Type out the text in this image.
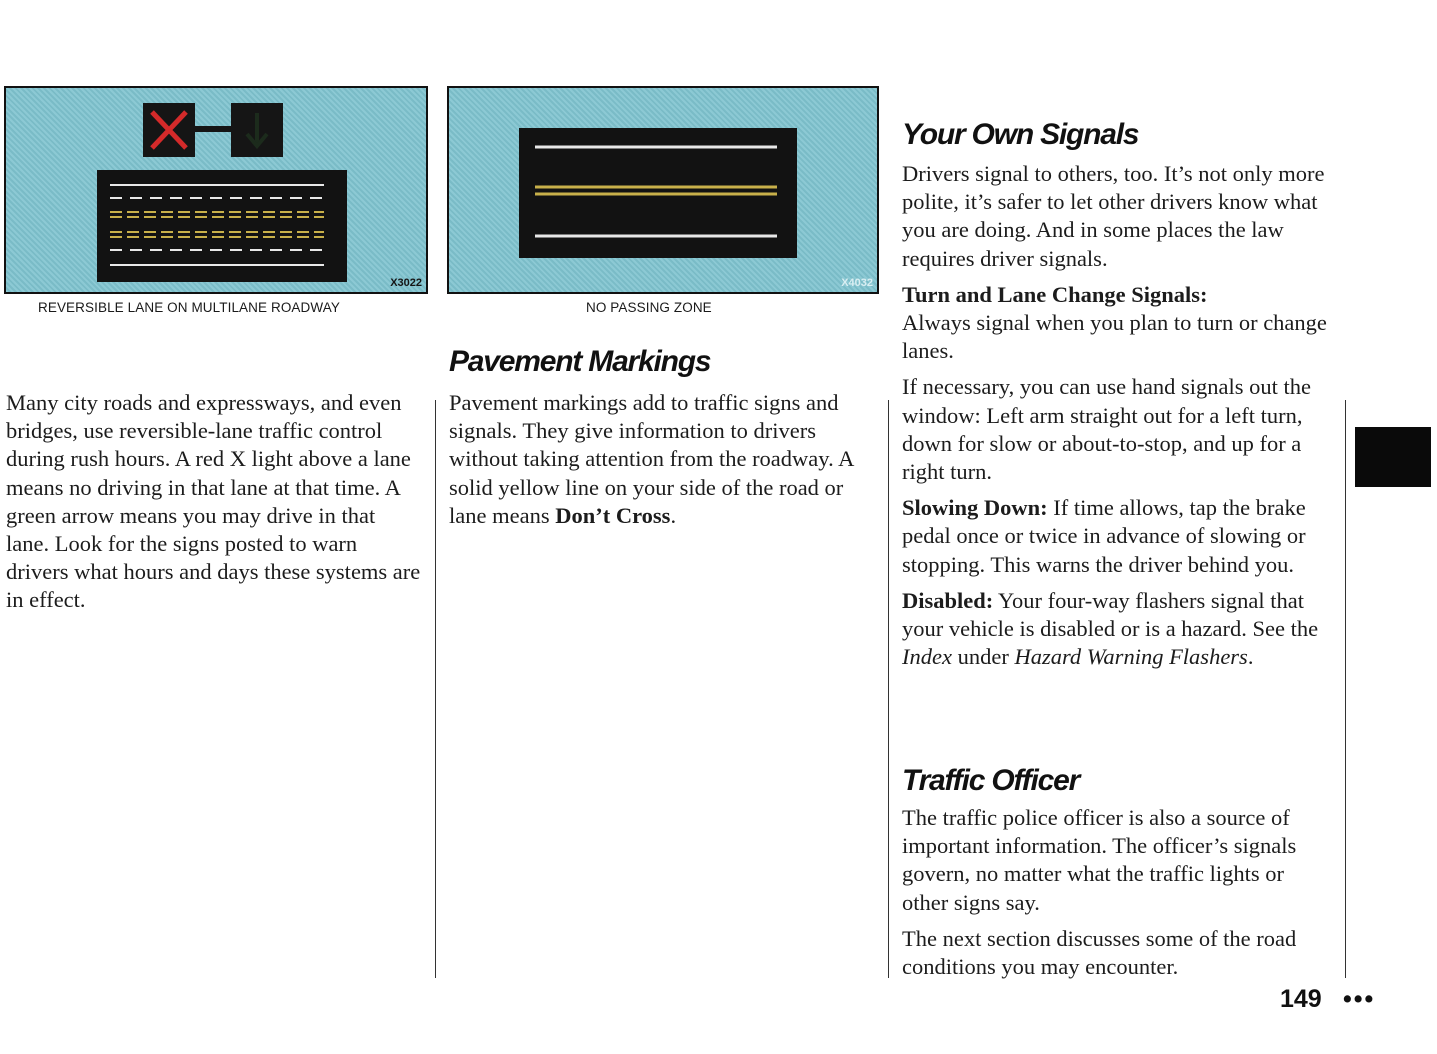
X3022
REVERSIBLE LANE ON MULTILANE ROADWAY
X4032
NO PASSING ZONE

Many city roads and expressways, and even bridges, use reversible-lane traffic control during rush hours. A red X light above a lane means no driving in that lane at that time. A green arrow means you may drive in that lane. Look for the signs posted to warn drivers what hours and days these systems are in effect.

Pavement Markings

Pavement markings add to traffic signs and signals. They give information to drivers without taking attention from the roadway. A solid yellow line on your side of the road or lane means Don’t Cross.

Your Own Signals

Drivers signal to others, too. It’s not only more polite, it’s safer to let other drivers know what you are doing. And in some places the law requires driver signals.

Turn and Lane Change Signals:
Always signal when you plan to turn or change lanes.

If necessary, you can use hand signals out the window: Left arm straight out for a left turn, down for slow or about-to-stop, and up for a right turn.

Slowing Down: If time allows, tap the brake pedal once or twice in advance of slowing or stopping. This warns the driver behind you.

Disabled: Your four-way flashers signal that your vehicle is disabled or is a hazard. See the Index under Hazard Warning Flashers.

Traffic Officer

The traffic police officer is also a source of important information. The officer’s signals govern, no matter what the traffic lights or other signs say.

The next section discusses some of the road conditions you may encounter.

149 •••
